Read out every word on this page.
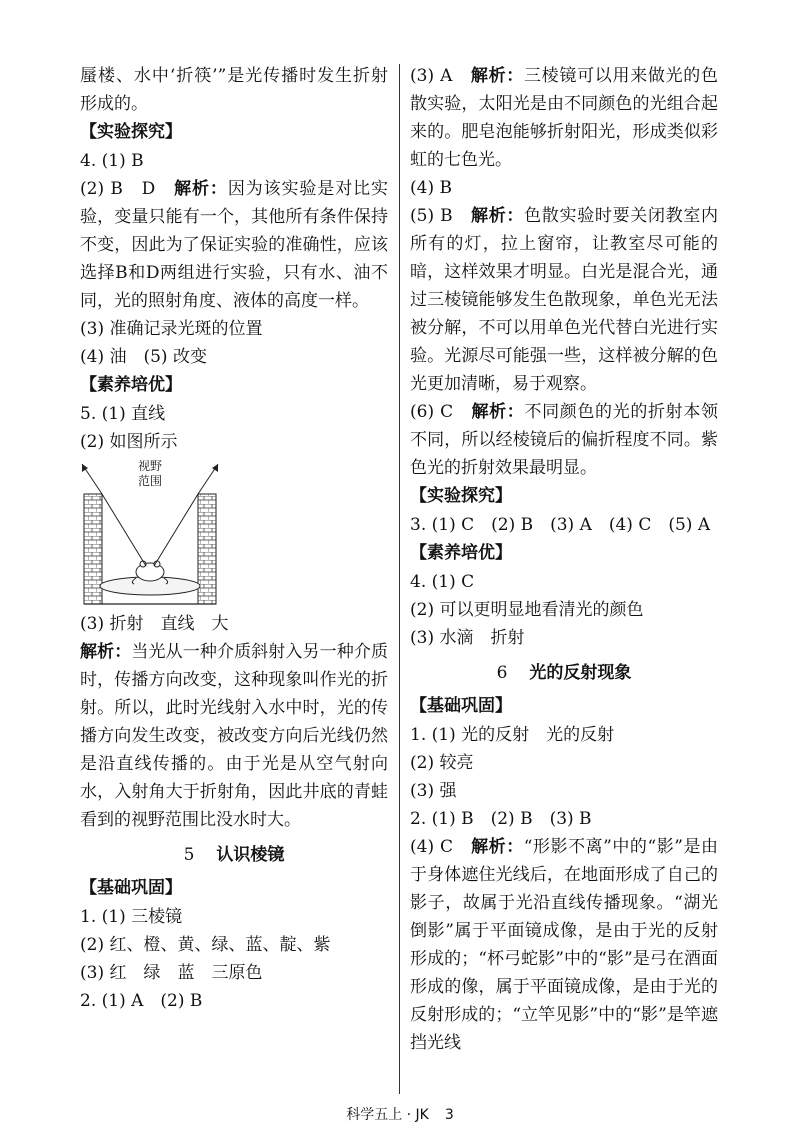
蜃楼、水中‘折筷’”是光传播时发生折射形成的。

【实验探究】

4. (1) B

(2) B　D　解析：因为该实验是对比实验，变量只能有一个，其他所有条件保持不变，因此为了保证实验的准确性，应该选择B和D两组进行实验，只有水、油不同，光的照射角度、液体的高度一样。

(3) 准确记录光斑的位置

(4) 油　(5) 改变

【素养培优】

5. (1) 直线

(2) 如图所示

视野
范围

(3) 折射　直线　大

解析：当光从一种介质斜射入另一种介质时，传播方向改变，这种现象叫作光的折射。所以，此时光线射入水中时，光的传播方向发生改变，被改变方向后光线仍然是沿直线传播的。由于光是从空气射向水，入射角大于折射角，因此井底的青蛙看到的视野范围比没水时大。

5 认识棱镜

【基础巩固】

1. (1) 三棱镜

(2) 红、橙、黄、绿、蓝、靛、紫

(3) 红　绿　蓝　三原色

2. (1) A　(2) B

(3) A　解析：三棱镜可以用来做光的色散实验，太阳光是由不同颜色的光组合起来的。肥皂泡能够折射阳光，形成类似彩虹的七色光。

(4) B

(5) B　解析：色散实验时要关闭教室内所有的灯，拉上窗帘，让教室尽可能的暗，这样效果才明显。白光是混合光，通过三棱镜能够发生色散现象，单色光无法被分解，不可以用单色光代替白光进行实验。光源尽可能强一些，这样被分解的色光更加清晰，易于观察。

(6) C　解析：不同颜色的光的折射本领不同，所以经棱镜后的偏折程度不同。紫色光的折射效果最明显。

【实验探究】

3. (1) C　(2) B　(3) A　(4) C　(5) A

【素养培优】

4. (1) C

(2) 可以更明显地看清光的颜色

(3) 水滴　折射

6 光的反射现象

【基础巩固】

1. (1) 光的反射　光的反射

(2) 较亮

(3) 强

2. (1) B　(2) B　(3) B

(4) C　解析：“形影不离”中的“影”是由于身体遮住光线后，在地面形成了自己的影子，故属于光沿直线传播现象。“湖光倒影”属于平面镜成像，是由于光的反射形成的；“杯弓蛇影”中的“影”是弓在酒面形成的像，属于平面镜成像，是由于光的反射形成的；“立竿见影”中的“影”是竿遮挡光线

科学五上 · JK 3
